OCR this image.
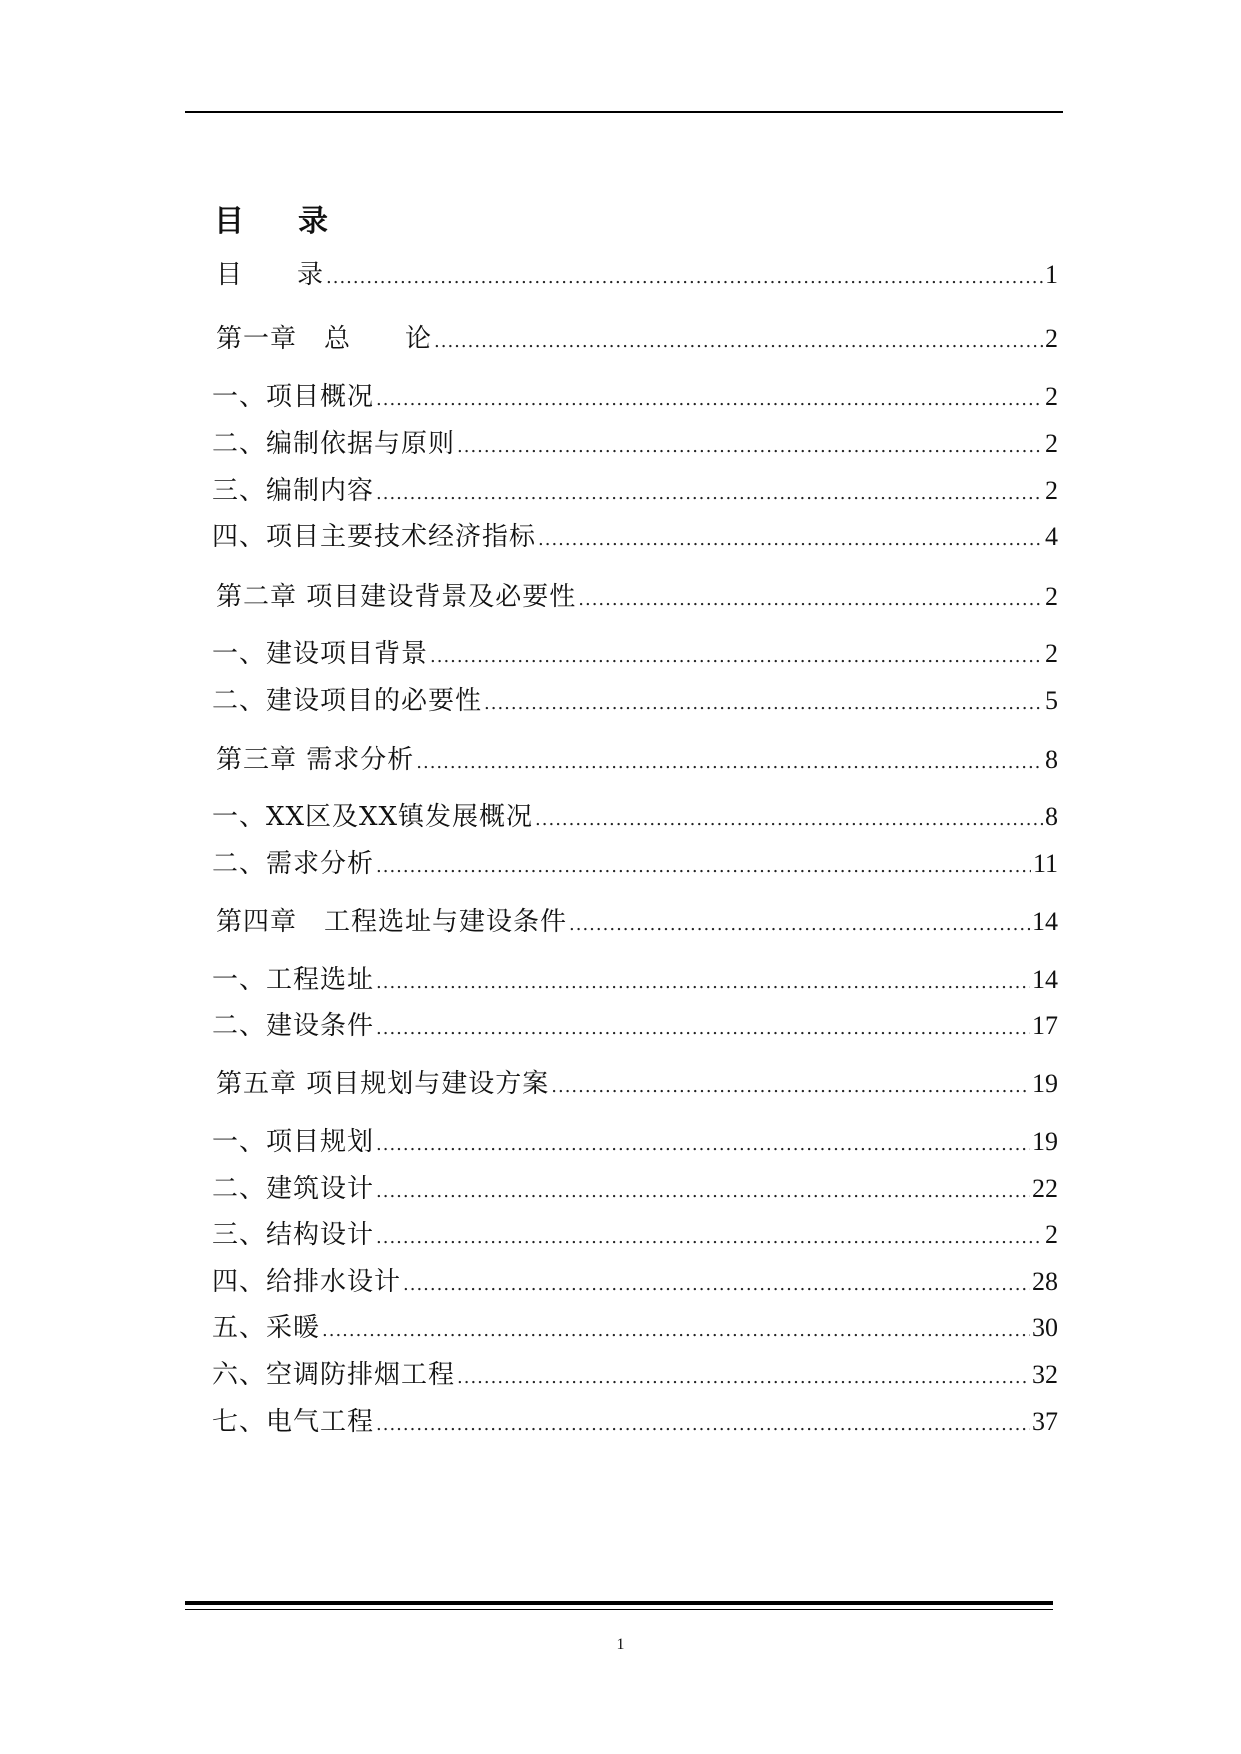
目 录
目　　录 .....	1
第一章　总　　论 .....	2
一、项目概况 .....	2
二、编制依据与原则 .....	2
三、编制内容 .....	2
四、项目主要技术经济指标 .....	4
第二章 项目建设背景及必要性 .....	2
一、建设项目背景 .....	2
二、建设项目的必要性 .....	5
第三章 需求分析 .....	8
一、XX区及XX镇发展概况 .....	8
二、需求分析 .....	11
第四章　工程选址与建设条件 .....	14
一、工程选址 .....	14
二、建设条件 .....	17
第五章 项目规划与建设方案 .....	19
一、项目规划 .....	19
二、建筑设计 .....	22
三、结构设计 .....	2
四、给排水设计 .....	28
五、采暖 .....	30
六、空调防排烟工程 .....	32
七、电气工程 .....	37
1
